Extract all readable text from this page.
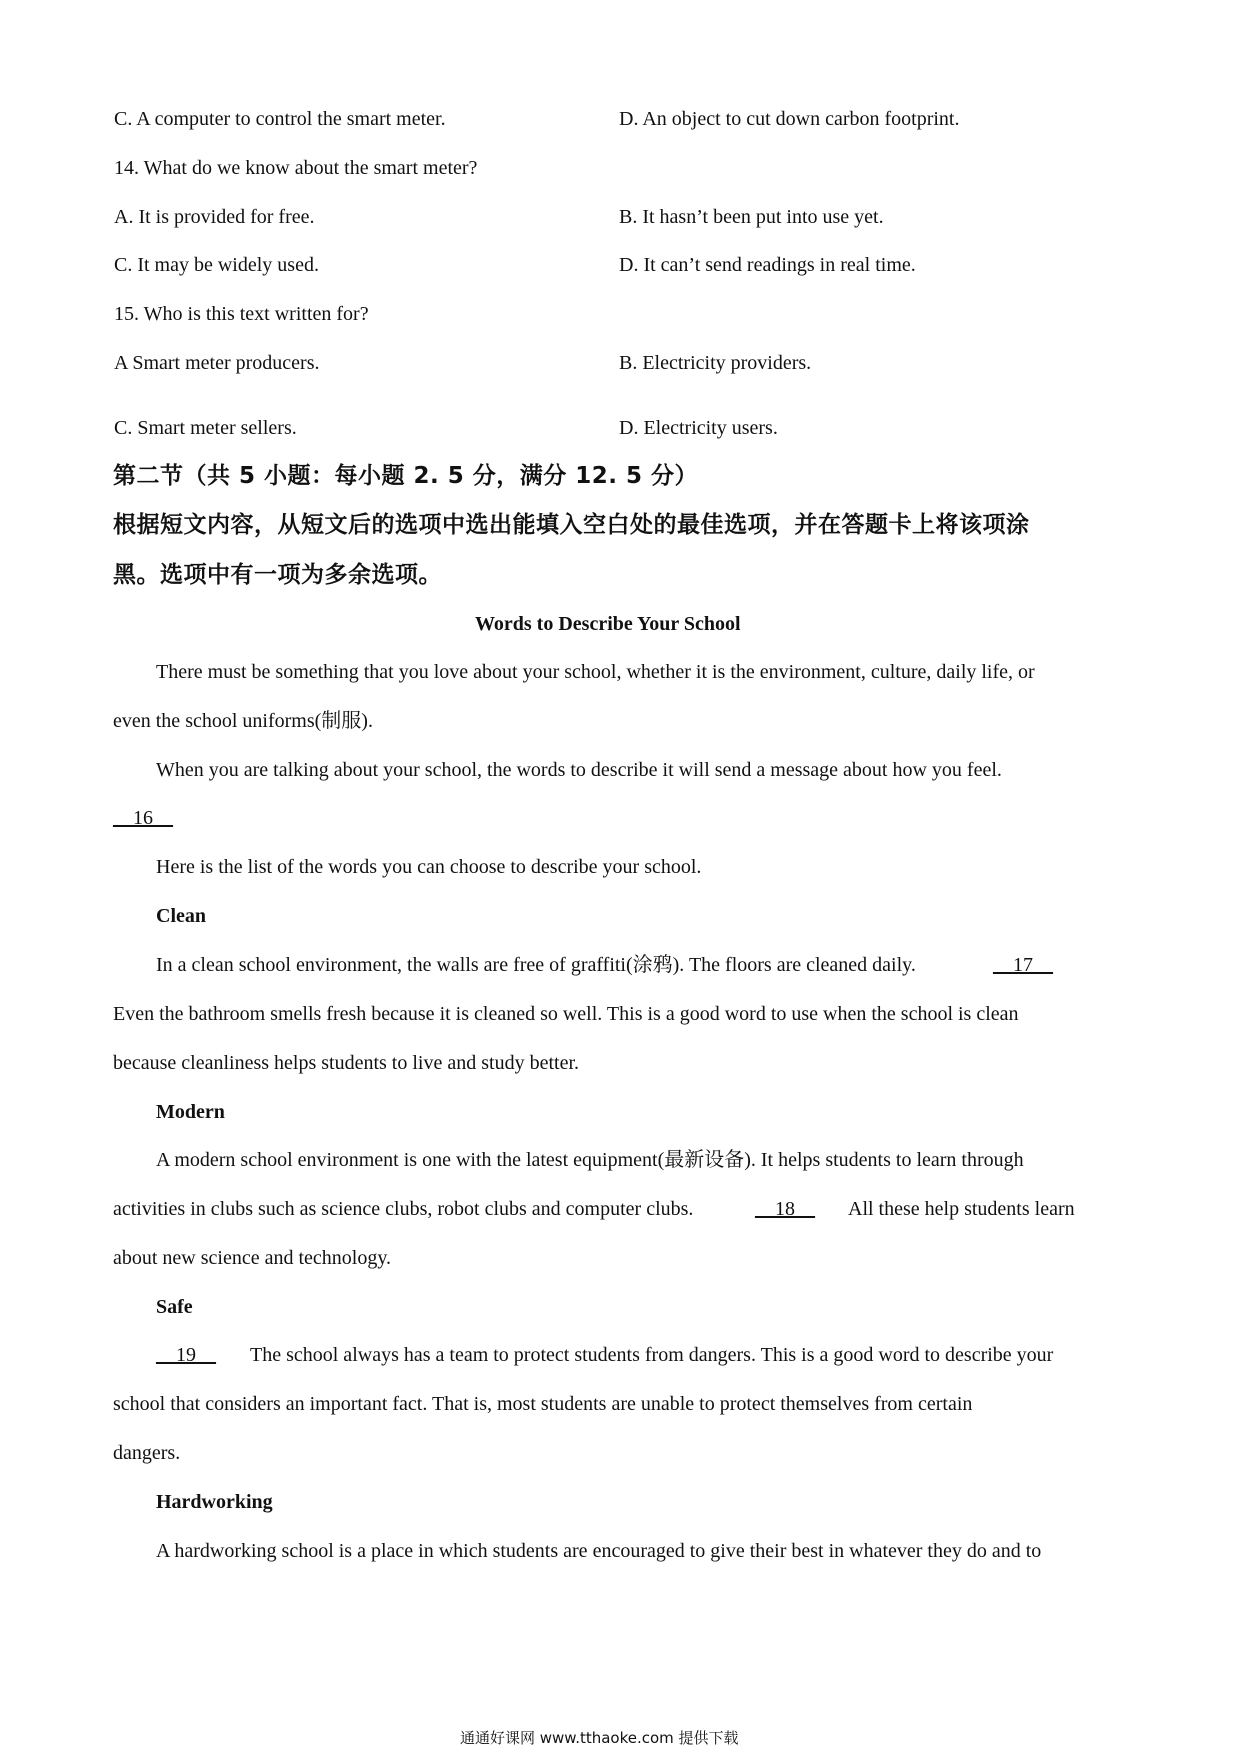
C. A computer to control the smart meter.	D. An object to cut down carbon footprint.
14. What do we know about the smart meter?
A. It is provided for free.	B. It hasn’t been put into use yet.
C. It may be widely used.	D. It can’t send readings in real time.
15. Who is this text written for?
A Smart meter producers.	B. Electricity providers.
C. Smart meter sellers.	D. Electricity users.
第二节（共 5 小题：每小题 2. 5 分，满分 12. 5 分）
根据短文内容，从短文后的选项中选出能填入空白处的最佳选项，并在答题卡上将该项涂
黑。选项中有一项为多余选项。
Words to Describe Your School
There must be something that you love about your school, whether it is the environment, culture, daily life, or
even the school uniforms(制服).
When you are talking about your school, the words to describe it will send a message about how you feel.
__16__
Here is the list of the words you can choose to describe your school.
Clean
In a clean school environment, the walls are free of graffiti(涂鸦). The floors are cleaned daily.	__17__
Even the bathroom smells fresh because it is cleaned so well. This is a good word to use when the school is clean
because cleanliness helps students to live and study better.
Modern
A modern school environment is one with the latest equipment(最新设备). It helps students to learn through
activities in clubs such as science clubs, robot clubs and computer clubs.	__18__ All these help students learn
about new science and technology.
Safe
__19__ The school always has a team to protect students from dangers. This is a good word to describe your
school that considers an important fact. That is, most students are unable to protect themselves from certain
dangers.
Hardworking
A hardworking school is a place in which students are encouraged to give their best in whatever they do and to
通通好课网 www.tthaoke.com 提供下载
